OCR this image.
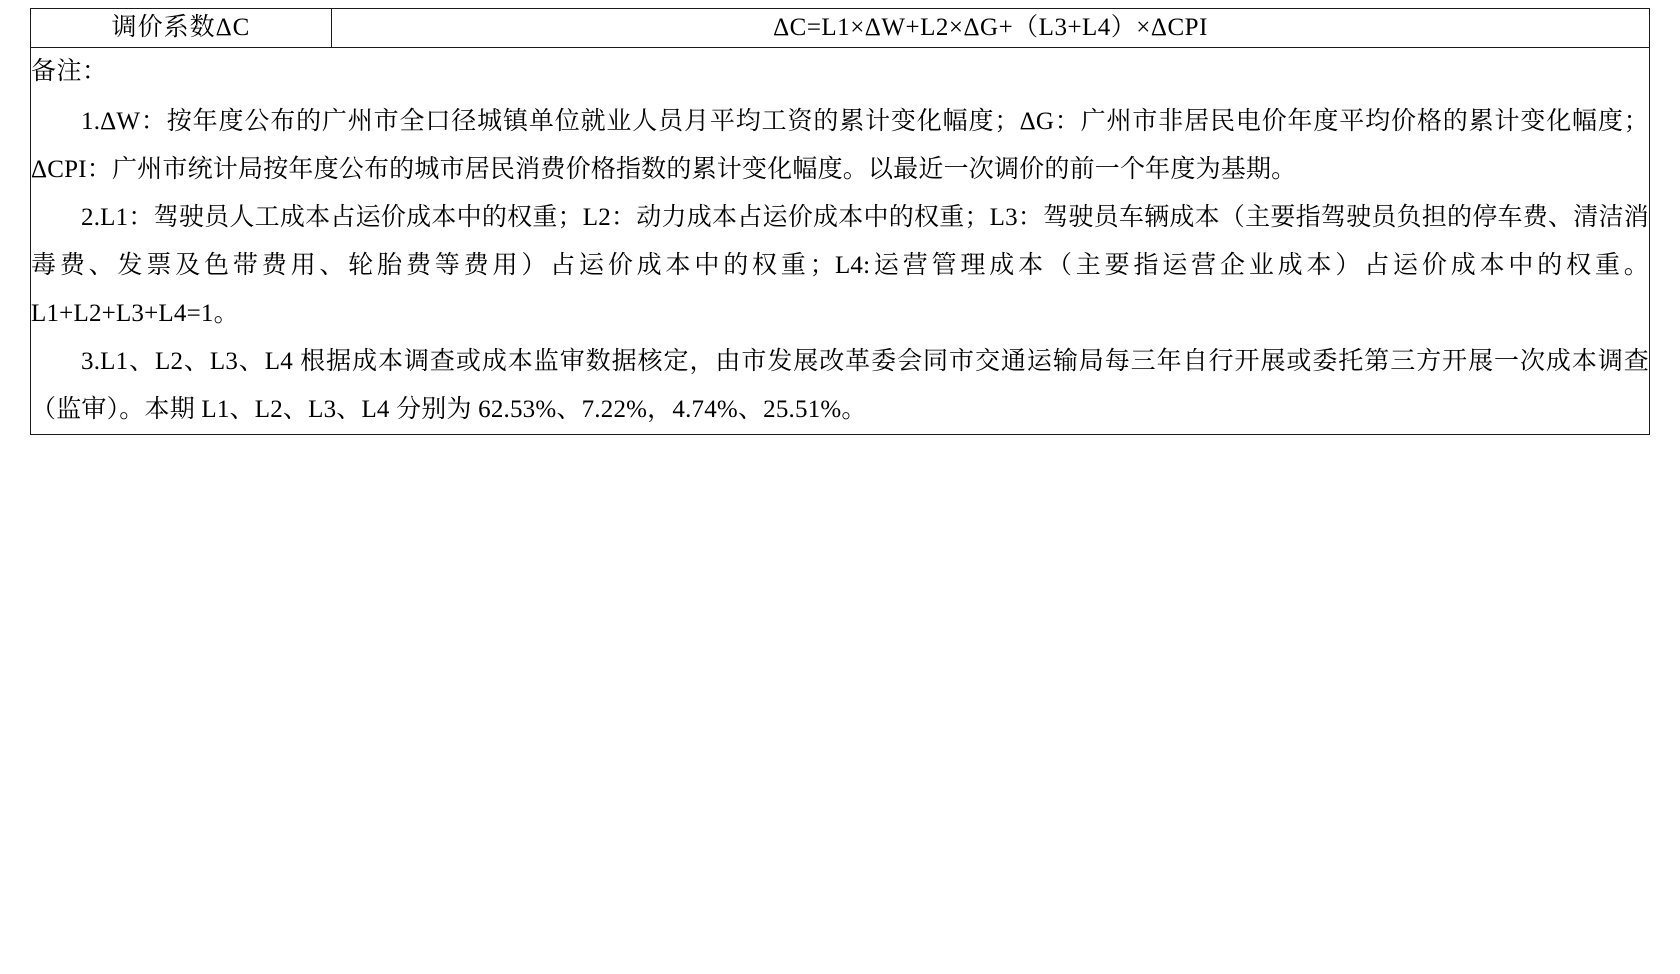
调价系数ΔC	ΔC=L1×ΔW+L2×ΔG+（L3+L4）×ΔCPI

备注：

1.ΔW：按年度公布的广州市全口径城镇单位就业人员月平均工资的累计变化幅度；ΔG：广州市非居民电价年度平均价格的累计变化幅度；ΔCPI：广州市统计局按年度公布的城市居民消费价格指数的累计变化幅度。以最近一次调价的前一个年度为基期。

2.L1：驾驶员人工成本占运价成本中的权重；L2：动力成本占运价成本中的权重；L3：驾驶员车辆成本（主要指驾驶员负担的停车费、清洁消毒费、发票及色带费用、轮胎费等费用）占运价成本中的权重；L4:运营管理成本（主要指运营企业成本）占运价成本中的权重。L1+L2+L3+L4=1。

3.L1、L2、L3、L4 根据成本调查或成本监审数据核定，由市发展改革委会同市交通运输局每三年自行开展或委托第三方开展一次成本调查（监审）。本期 L1、L2、L3、L4 分别为 62.53%、7.22%，4.74%、25.51%。
